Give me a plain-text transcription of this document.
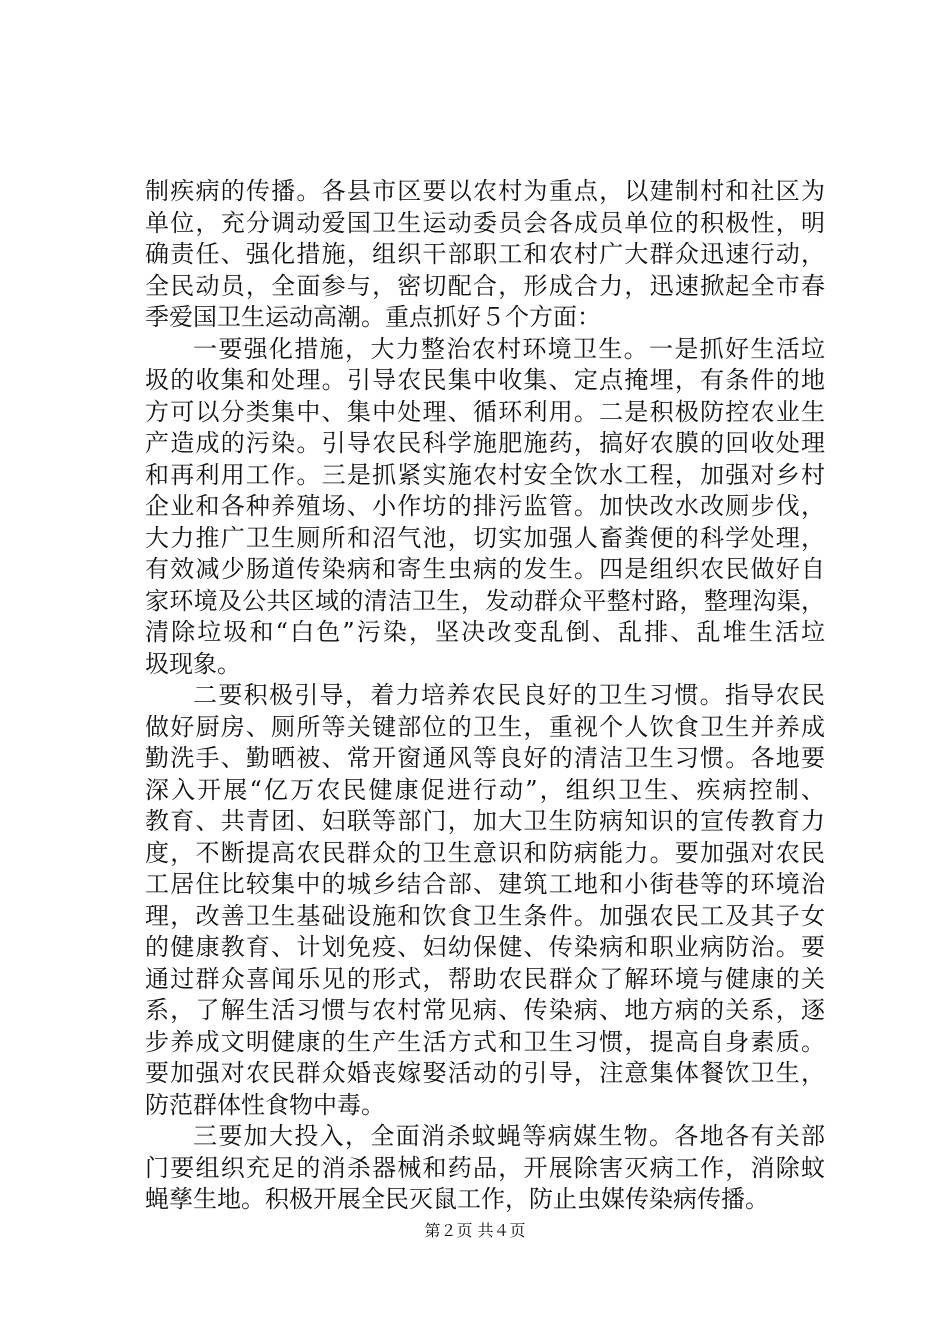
制疾病的传播。各县市区要以农村为重点，以建制村和社区为
单位，充分调动爱国卫生运动委员会各成员单位的积极性，明
确责任、强化措施，组织干部职工和农村广大群众迅速行动，
全民动员，全面参与，密切配合，形成合力，迅速掀起全市春
季爱国卫生运动高潮。重点抓好５个方面：
一要强化措施，大力整治农村环境卫生。一是抓好生活垃
圾的收集和处理。引导农民集中收集、定点掩埋，有条件的地
方可以分类集中、集中处理、循环利用。二是积极防控农业生
产造成的污染。引导农民科学施肥施药，搞好农膜的回收处理
和再利用工作。三是抓紧实施农村安全饮水工程，加强对乡村
企业和各种养殖场、小作坊的排污监管。加快改水改厕步伐，
大力推广卫生厕所和沼气池，切实加强人畜粪便的科学处理，
有效减少肠道传染病和寄生虫病的发生。四是组织农民做好自
家环境及公共区域的清洁卫生，发动群众平整村路，整理沟渠，
清除垃圾和“白色”污染，坚决改变乱倒、乱排、乱堆生活垃
圾现象。
二要积极引导，着力培养农民良好的卫生习惯。指导农民
做好厨房、厕所等关键部位的卫生，重视个人饮食卫生并养成
勤洗手、勤晒被、常开窗通风等良好的清洁卫生习惯。各地要
深入开展“亿万农民健康促进行动”，组织卫生、疾病控制、
教育、共青团、妇联等部门，加大卫生防病知识的宣传教育力
度，不断提高农民群众的卫生意识和防病能力。要加强对农民
工居住比较集中的城乡结合部、建筑工地和小街巷等的环境治
理，改善卫生基础设施和饮食卫生条件。加强农民工及其子女
的健康教育、计划免疫、妇幼保健、传染病和职业病防治。要
通过群众喜闻乐见的形式，帮助农民群众了解环境与健康的关
系，了解生活习惯与农村常见病、传染病、地方病的关系，逐
步养成文明健康的生产生活方式和卫生习惯，提高自身素质。
要加强对农民群众婚丧嫁娶活动的引导，注意集体餐饮卫生，
防范群体性食物中毒。
三要加大投入，全面消杀蚊蝇等病媒生物。各地各有关部
门要组织充足的消杀器械和药品，开展除害灭病工作，消除蚊
蝇孳生地。积极开展全民灭鼠工作，防止虫媒传染病传播。
第２页 共４页
